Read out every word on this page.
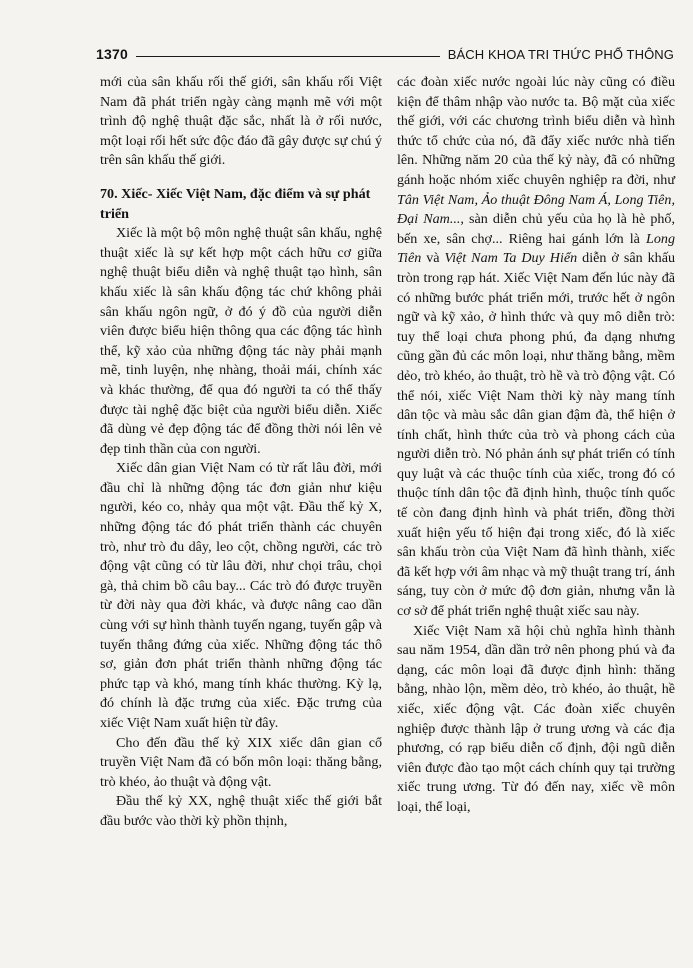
1370	BÁCH KHOA TRI THỨC PHỔ THÔNG

mới của sân khấu rối thế giới, sân khấu rối Việt Nam đã phát triển ngày càng mạnh mẽ với một trình độ nghệ thuật đặc sắc, nhất là ở rối nước, một loại rối hết sức độc đáo đã gây được sự chú ý trên sân khấu thế giới.

70. Xiếc- Xiếc Việt Nam, đặc điểm và sự phát triển

Xiếc là một bộ môn nghệ thuật sân khấu, nghệ thuật xiếc là sự kết hợp một cách hữu cơ giữa nghệ thuật biểu diễn và nghệ thuật tạo hình, sân khấu xiếc là sân khấu động tác chứ không phải sân khấu ngôn ngữ, ở đó ý đồ của người diễn viên được biểu hiện thông qua các động tác hình thể, kỹ xảo của những động tác này phải mạnh mẽ, tinh luyện, nhẹ nhàng, thoải mái, chính xác và khác thường, để qua đó người ta có thể thấy được tài nghệ đặc biệt của người biểu diễn. Xiếc đã dùng vẻ đẹp động tác để đồng thời nói lên vẻ đẹp tinh thần của con người.

Xiếc dân gian Việt Nam có từ rất lâu đời, mới đầu chỉ là những động tác đơn giản như kiệu người, kéo co, nhảy qua một vật. Đầu thế kỷ X, những động tác đó phát triển thành các chuyên trò, như trò đu dây, leo cột, chồng người, các trò động vật cũng có từ lâu đời, như chọi trâu, chọi gà, thả chim bồ câu bay... Các trò đó được truyền từ đời này qua đời khác, và được nâng cao dần cùng với sự hình thành tuyến ngang, tuyến gập và tuyến thẳng đứng của xiếc. Những động tác thô sơ, giản đơn phát triển thành những động tác phức tạp và khó, mang tính khác thường. Kỳ lạ, đó chính là đặc trưng của xiếc. Đặc trưng của xiếc Việt Nam xuất hiện từ đây.

Cho đến đầu thế kỷ XIX xiếc dân gian cổ truyền Việt Nam đã có bốn môn loại: thăng bằng, trò khéo, ảo thuật và động vật.

Đầu thế kỷ XX, nghệ thuật xiếc thế giới bắt đầu bước vào thời kỳ phồn thịnh,

các đoàn xiếc nước ngoài lúc này cũng có điều kiện để thâm nhập vào nước ta. Bộ mặt của xiếc thế giới, với các chương trình biểu diễn và hình thức tổ chức của nó, đã đẩy xiếc nước nhà tiến lên. Những năm 20 của thế kỷ này, đã có những gánh hoặc nhóm xiếc chuyên nghiệp ra đời, như Tân Việt Nam, Ảo thuật Đông Nam Á, Long Tiên, Đại Nam..., sàn diễn chủ yếu của họ là hè phố, bến xe, sân chợ... Riêng hai gánh lớn là Long Tiên và Việt Nam Ta Duy Hiển diễn ở sân khấu tròn trong rạp hát. Xiếc Việt Nam đến lúc này đã có những bước phát triển mới, trước hết ở ngôn ngữ và kỹ xảo, ở hình thức và quy mô diễn trò: tuy thể loại chưa phong phú, đa dạng nhưng cũng gần đủ các môn loại, như thăng bằng, mềm dẻo, trò khéo, ảo thuật, trò hề và trò động vật. Có thể nói, xiếc Việt Nam thời kỳ này mang tính dân tộc và màu sắc dân gian đậm đà, thể hiện ở tính chất, hình thức của trò và phong cách của người diễn trò. Nó phản ánh sự phát triển có tính quy luật và các thuộc tính của xiếc, trong đó có thuộc tính dân tộc đã định hình, thuộc tính quốc tế còn đang định hình và phát triển, đồng thời xuất hiện yếu tố hiện đại trong xiếc, đó là xiếc sân khấu tròn của Việt Nam đã hình thành, xiếc đã kết hợp với âm nhạc và mỹ thuật trang trí, ánh sáng, tuy còn ở mức độ đơn giản, nhưng vẫn là cơ sở để phát triển nghệ thuật xiếc sau này.

Xiếc Việt Nam xã hội chủ nghĩa hình thành sau năm 1954, dần dần trở nên phong phú và đa dạng, các môn loại đã được định hình: thăng bằng, nhào lộn, mềm dẻo, trò khéo, ảo thuật, hề xiếc, xiếc động vật. Các đoàn xiếc chuyên nghiệp được thành lập ở trung ương và các địa phương, có rạp biểu diễn cố định, đội ngũ diễn viên được đào tạo một cách chính quy tại trường xiếc trung ương. Từ đó đến nay, xiếc về môn loại, thể loại,
